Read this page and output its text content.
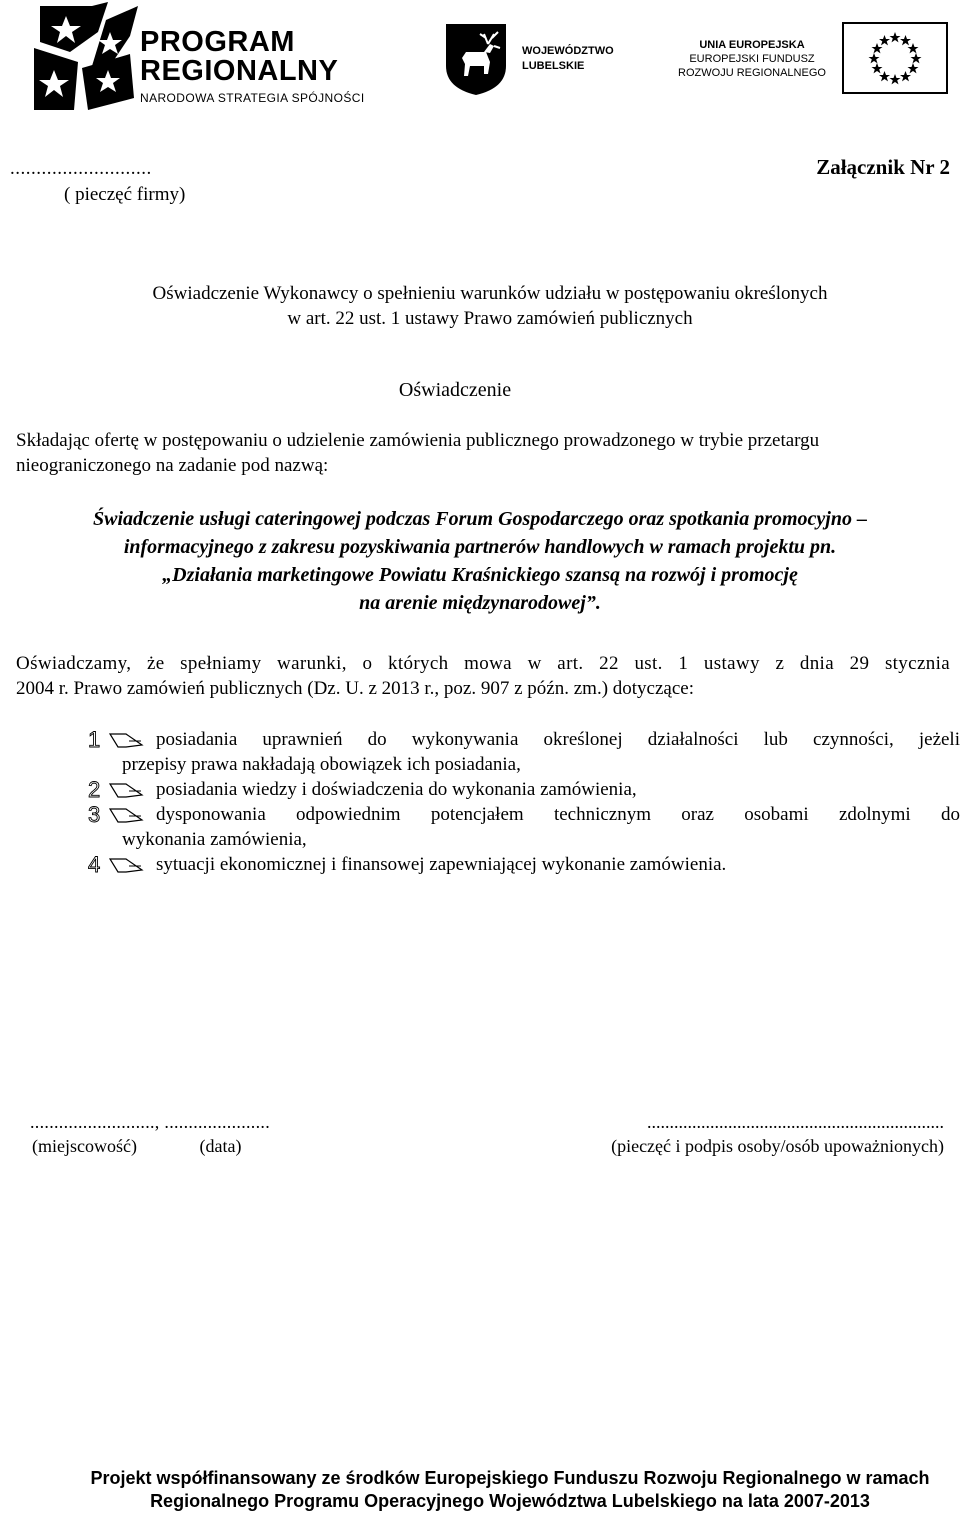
PROGRAM
REGIONALNY
NARODOWA STRATEGIA SPÓJNOŚCI
WOJEWÓDZTWO
LUBELSKIE
UNIA EUROPEJSKA
EUROPEJSKI FUNDUSZ
ROZWOJU REGIONALNEGO
...........................
( pieczęć firmy)
Załącznik Nr 2
Oświadczenie Wykonawcy o spełnieniu warunków udziału w postępowaniu określonych
w art. 22 ust. 1 ustawy Prawo zamówień publicznych
Oświadczenie
Składając ofertę w postępowaniu o udzielenie zamówienia publicznego prowadzonego w trybie przetargu
nieograniczonego na zadanie pod nazwą:
Świadczenie usługi cateringowej podczas Forum Gospodarczego oraz spotkania promocyjno –
informacyjnego z zakresu pozyskiwania partnerów handlowych w ramach projektu pn.
„Działania marketingowe Powiatu Kraśnickiego szansą na rozwój i promocję
na arenie międzynarodowej”.
Oświadczamy, że spełniamy warunki, o których mowa w art. 22 ust. 1 ustawy z dnia 29 stycznia
2004 r. Prawo zamówień publicznych (Dz. U. z 2013 r., poz. 907 z późn. zm.) dotyczące:
1	posiadania uprawnień do wykonywania określonej działalności lub czynności, jeżeli
przepisy prawa nakładają obowiązek ich posiadania,
2	posiadania wiedzy i doświadczenia do wykonania zamówienia,
3	dysponowania odpowiednim potencjałem technicznym oraz osobami zdolnymi do
wykonania zamówienia,
4	sytuacji ekonomicznej i finansowej zapewniającej wykonanie zamówienia.
.........................., ......................
(miejscowość)	(data)
..................................................................
(pieczęć i podpis osoby/osób upoważnionych)
Projekt współfinansowany ze środków Europejskiego Funduszu Rozwoju Regionalnego w ramach
Regionalnego Programu Operacyjnego Województwa Lubelskiego na lata 2007-2013
